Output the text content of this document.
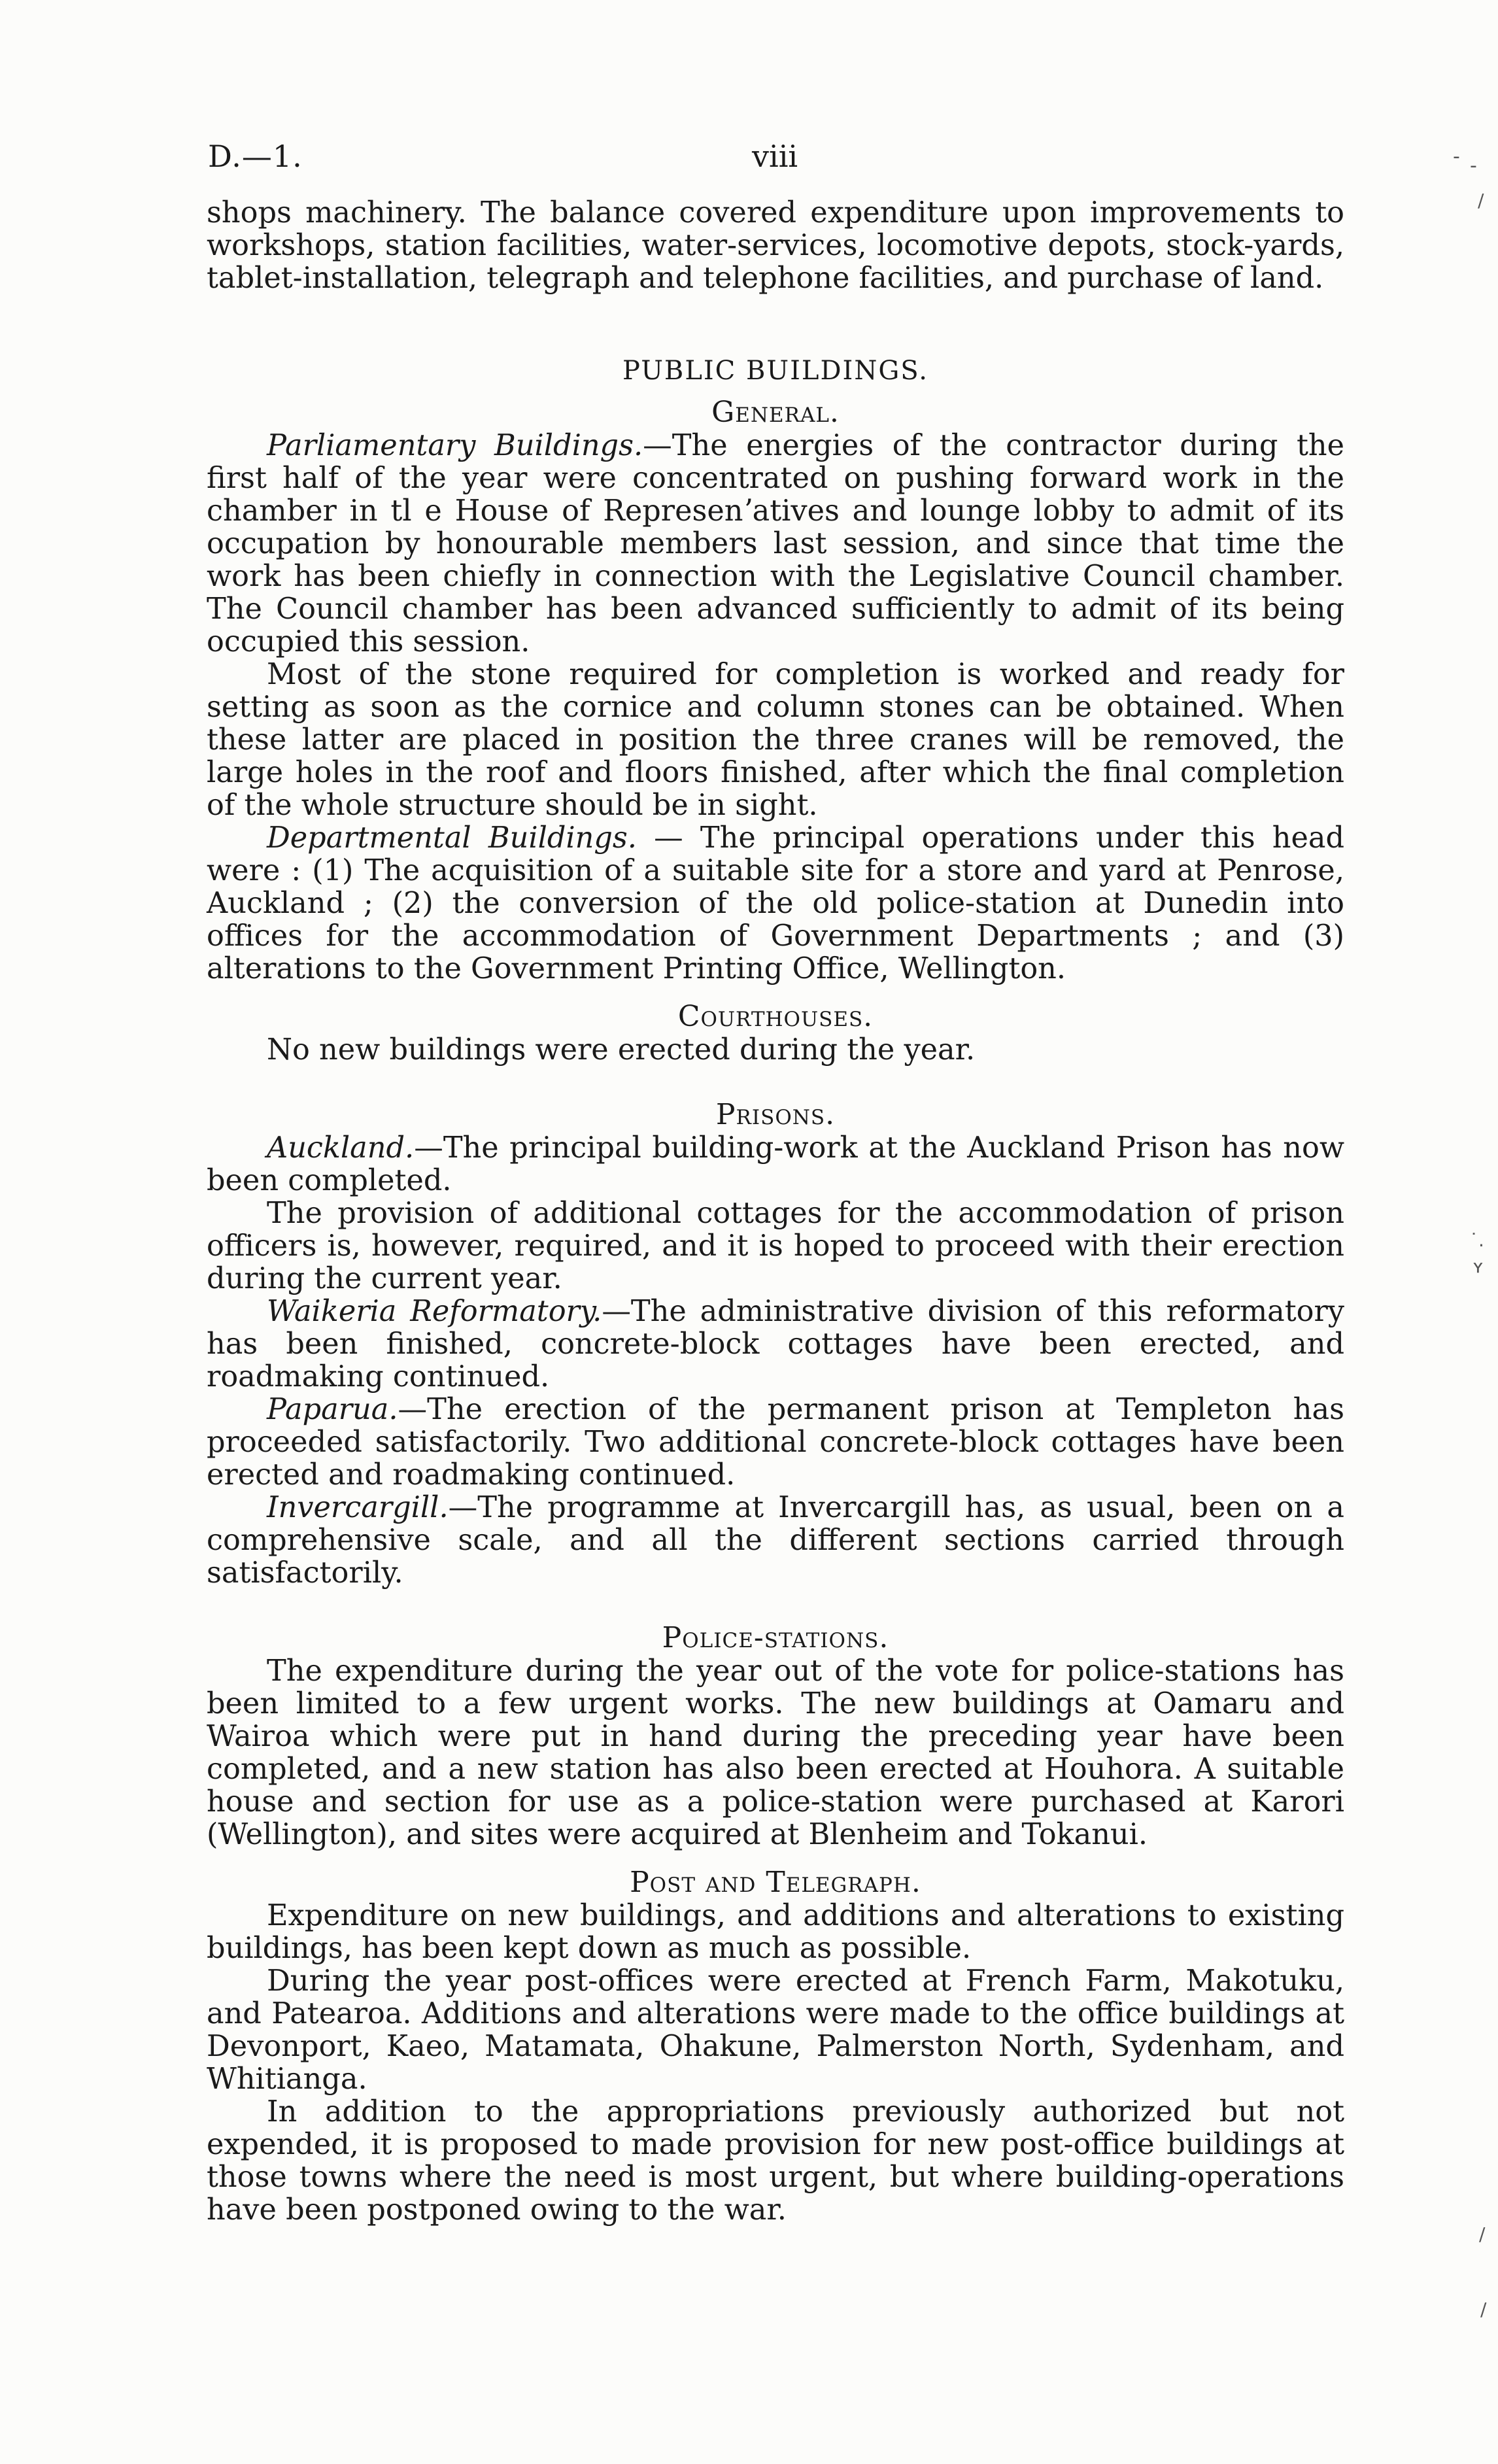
D.—1.	viii	- -
/
˙.
ʏ
/
/

shops machinery. The balance covered expenditure upon improvements to workshops, station facilities, water-services, locomotive depots, stock-yards, tablet-installation, telegraph and telephone facilities, and purchase of land.

PUBLIC BUILDINGS.
General.

Parliamentary Buildings.—The energies of the contractor during the first half of the year were concentrated on pushing forward work in the chamber in tl e House of Represenʼatives and lounge lobby to admit of its occupation by honourable members last session, and since that time the work has been chiefly in connection with the Legislative Council chamber. The Council chamber has been advanced sufficiently to admit of its being occupied this session.

Most of the stone required for completion is worked and ready for setting as soon as the cornice and column stones can be obtained. When these latter are placed in position the three cranes will be removed, the large holes in the roof and floors finished, after which the final completion of the whole structure should be in sight.

Departmental Buildings. — The principal operations under this head were : (1) The acquisition of a suitable site for a store and yard at Penrose, Auckland ; (2) the conversion of the old police-station at Dunedin into offices for the accommodation of Government Departments ; and (3) alterations to the Government Printing Office, Wellington.

Courthouses.

No new buildings were erected during the year.

Prisons.

Auckland.—The principal building-work at the Auckland Prison has now been completed.

The provision of additional cottages for the accommodation of prison officers is, however, required, and it is hoped to proceed with their erection during the current year.

Waikeria Reformatory.—The administrative division of this reformatory has been finished, concrete-block cottages have been erected, and roadmaking continued.

Paparua.—The erection of the permanent prison at Templeton has proceeded satisfactorily. Two additional concrete-block cottages have been erected and roadmaking continued.

Invercargill.—The programme at Invercargill has, as usual, been on a comprehensive scale, and all the different sections carried through satisfactorily.

Police-stations.

The expenditure during the year out of the vote for police-stations has been limited to a few urgent works. The new buildings at Oamaru and Wairoa which were put in hand during the preceding year have been completed, and a new station has also been erected at Houhora. A suitable house and section for use as a police-station were purchased at Karori (Wellington), and sites were acquired at Blenheim and Tokanui.

Post and Telegraph.

Expenditure on new buildings, and additions and alterations to existing buildings, has been kept down as much as possible.

During the year post-offices were erected at French Farm, Makotuku, and Patearoa. Additions and alterations were made to the office buildings at Devonport, Kaeo, Matamata, Ohakune, Palmerston North, Sydenham, and Whitianga.

In addition to the appropriations previously authorized but not expended, it is proposed to made provision for new post-office buildings at those towns where the need is most urgent, but where building-operations have been postponed owing to the war.
